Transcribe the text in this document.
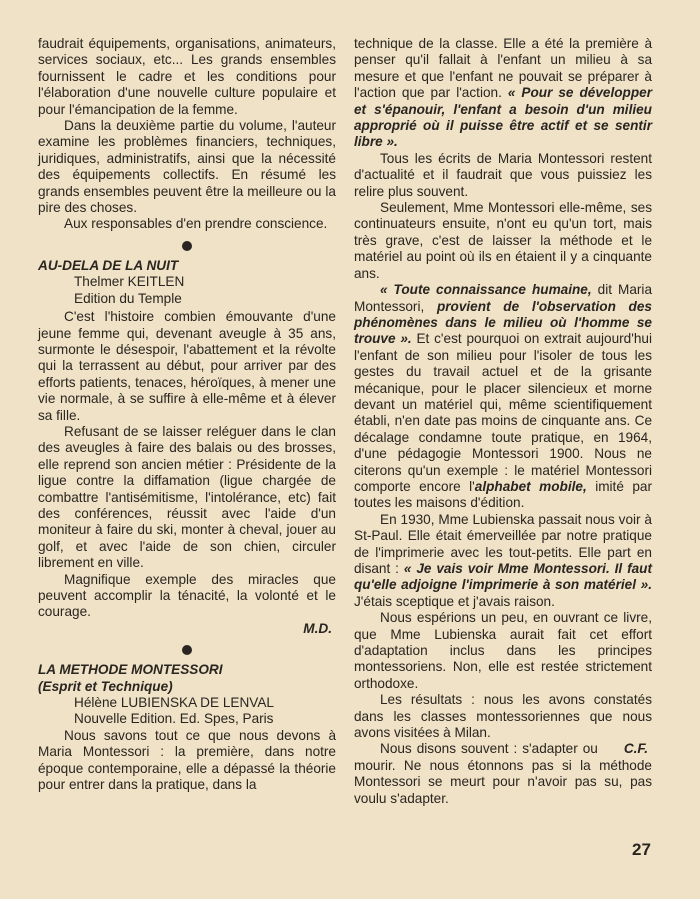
faudrait équipements, organisations, animateurs, services sociaux, etc... Les grands ensembles fournissent le cadre et les conditions pour l'élaboration d'une nouvelle culture populaire et pour l'émancipation de la femme.

Dans la deuxième partie du volume, l'auteur examine les problèmes financiers, techniques, juridiques, administratifs, ainsi que la nécessité des équipements collectifs. En résumé les grands ensembles peuvent être la meilleure ou la pire des choses.

Aux responsables d'en prendre conscience.

AU-DELA DE LA NUIT
Thelmer KEITLEN
Edition du Temple

C'est l'histoire combien émouvante d'une jeune femme qui, devenant aveugle à 35 ans, surmonte le désespoir, l'abattement et la révolte qui la terrassent au début, pour arriver par des efforts patients, tenaces, héroïques, à mener une vie normale, à se suffire à elle-même et à élever sa fille.

Refusant de se laisser reléguer dans le clan des aveugles à faire des balais ou des brosses, elle reprend son ancien métier : Présidente de la ligue contre la diffamation (ligue chargée de combattre l'antisémitisme, l'intolérance, etc) fait des conférences, réussit avec l'aide d'un moniteur à faire du ski, monter à cheval, jouer au golf, et avec l'aide de son chien, circuler librement en ville.

Magnifique exemple des miracles que peuvent accomplir la ténacité, la volonté et le courage.

M.D.
LA METHODE MONTESSORI
(Esprit et Technique)
Hélène LUBIENSKA DE LENVAL
Nouvelle Edition. Ed. Spes, Paris

Nous savons tout ce que nous devons à Maria Montessori : la première, dans notre époque contemporaine, elle a dépassé la théorie pour entrer dans la pratique, dans la

technique de la classe. Elle a été la première à penser qu'il fallait à l'enfant un milieu à sa mesure et que l'enfant ne pouvait se préparer à l'action que par l'action. « Pour se développer et s'épanouir, l'enfant a besoin d'un milieu approprié où il puisse être actif et se sentir libre ».

Tous les écrits de Maria Montessori restent d'actualité et il faudrait que vous puissiez les relire plus souvent.

Seulement, Mme Montessori elle-même, ses continuateurs ensuite, n'ont eu qu'un tort, mais très grave, c'est de laisser la méthode et le matériel au point où ils en étaient il y a cinquante ans.

« Toute connaissance humaine, dit Maria Montessori, provient de l'observation des phénomènes dans le milieu où l'homme se trouve ». Et c'est pourquoi on extrait aujourd'hui l'enfant de son milieu pour l'isoler de tous les gestes du travail actuel et de la grisante mécanique, pour le placer silencieux et morne devant un matériel qui, même scientifiquement établi, n'en date pas moins de cinquante ans. Ce décalage condamne toute pratique, en 1964, d'une pédagogie Montessori 1900. Nous ne citerons qu'un exemple : le matériel Montessori comporte encore l'alphabet mobile, imité par toutes les maisons d'édition.

En 1930, Mme Lubienska passait nous voir à St-Paul. Elle était émerveillée par notre pratique de l'imprimerie avec les tout-petits. Elle part en disant : « Je vais voir Mme Montessori. Il faut qu'elle adjoigne l'imprimerie à son matériel ». J'étais sceptique et j'avais raison.

Nous espérions un peu, en ouvrant ce livre, que Mme Lubienska aurait fait cet effort d'adaptation inclus dans les principes montessoriens. Non, elle est restée strictement orthodoxe.

Les résultats : nous les avons constatés dans les classes montessoriennes que nous avons visitées à Milan.

C.F.
Nous disons souvent : s'adapter ou mourir. Ne nous étonnons pas si la méthode Montessori se meurt pour n'avoir pas su, pas voulu s'adapter.

27
